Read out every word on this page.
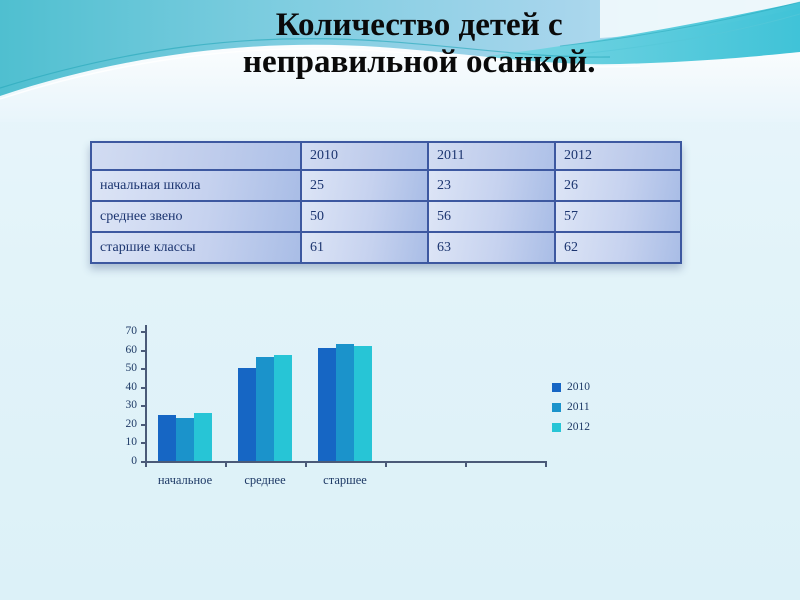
Количество детей с
неправильной осанкой.
	2010	2011	2012
начальная школа	25	23	26
среднее звено	50	56	57
старшие классы	61	63	62
0
10
20
30
40
50
60
70
начальное	среднее	старшее
2010
2011
2012
